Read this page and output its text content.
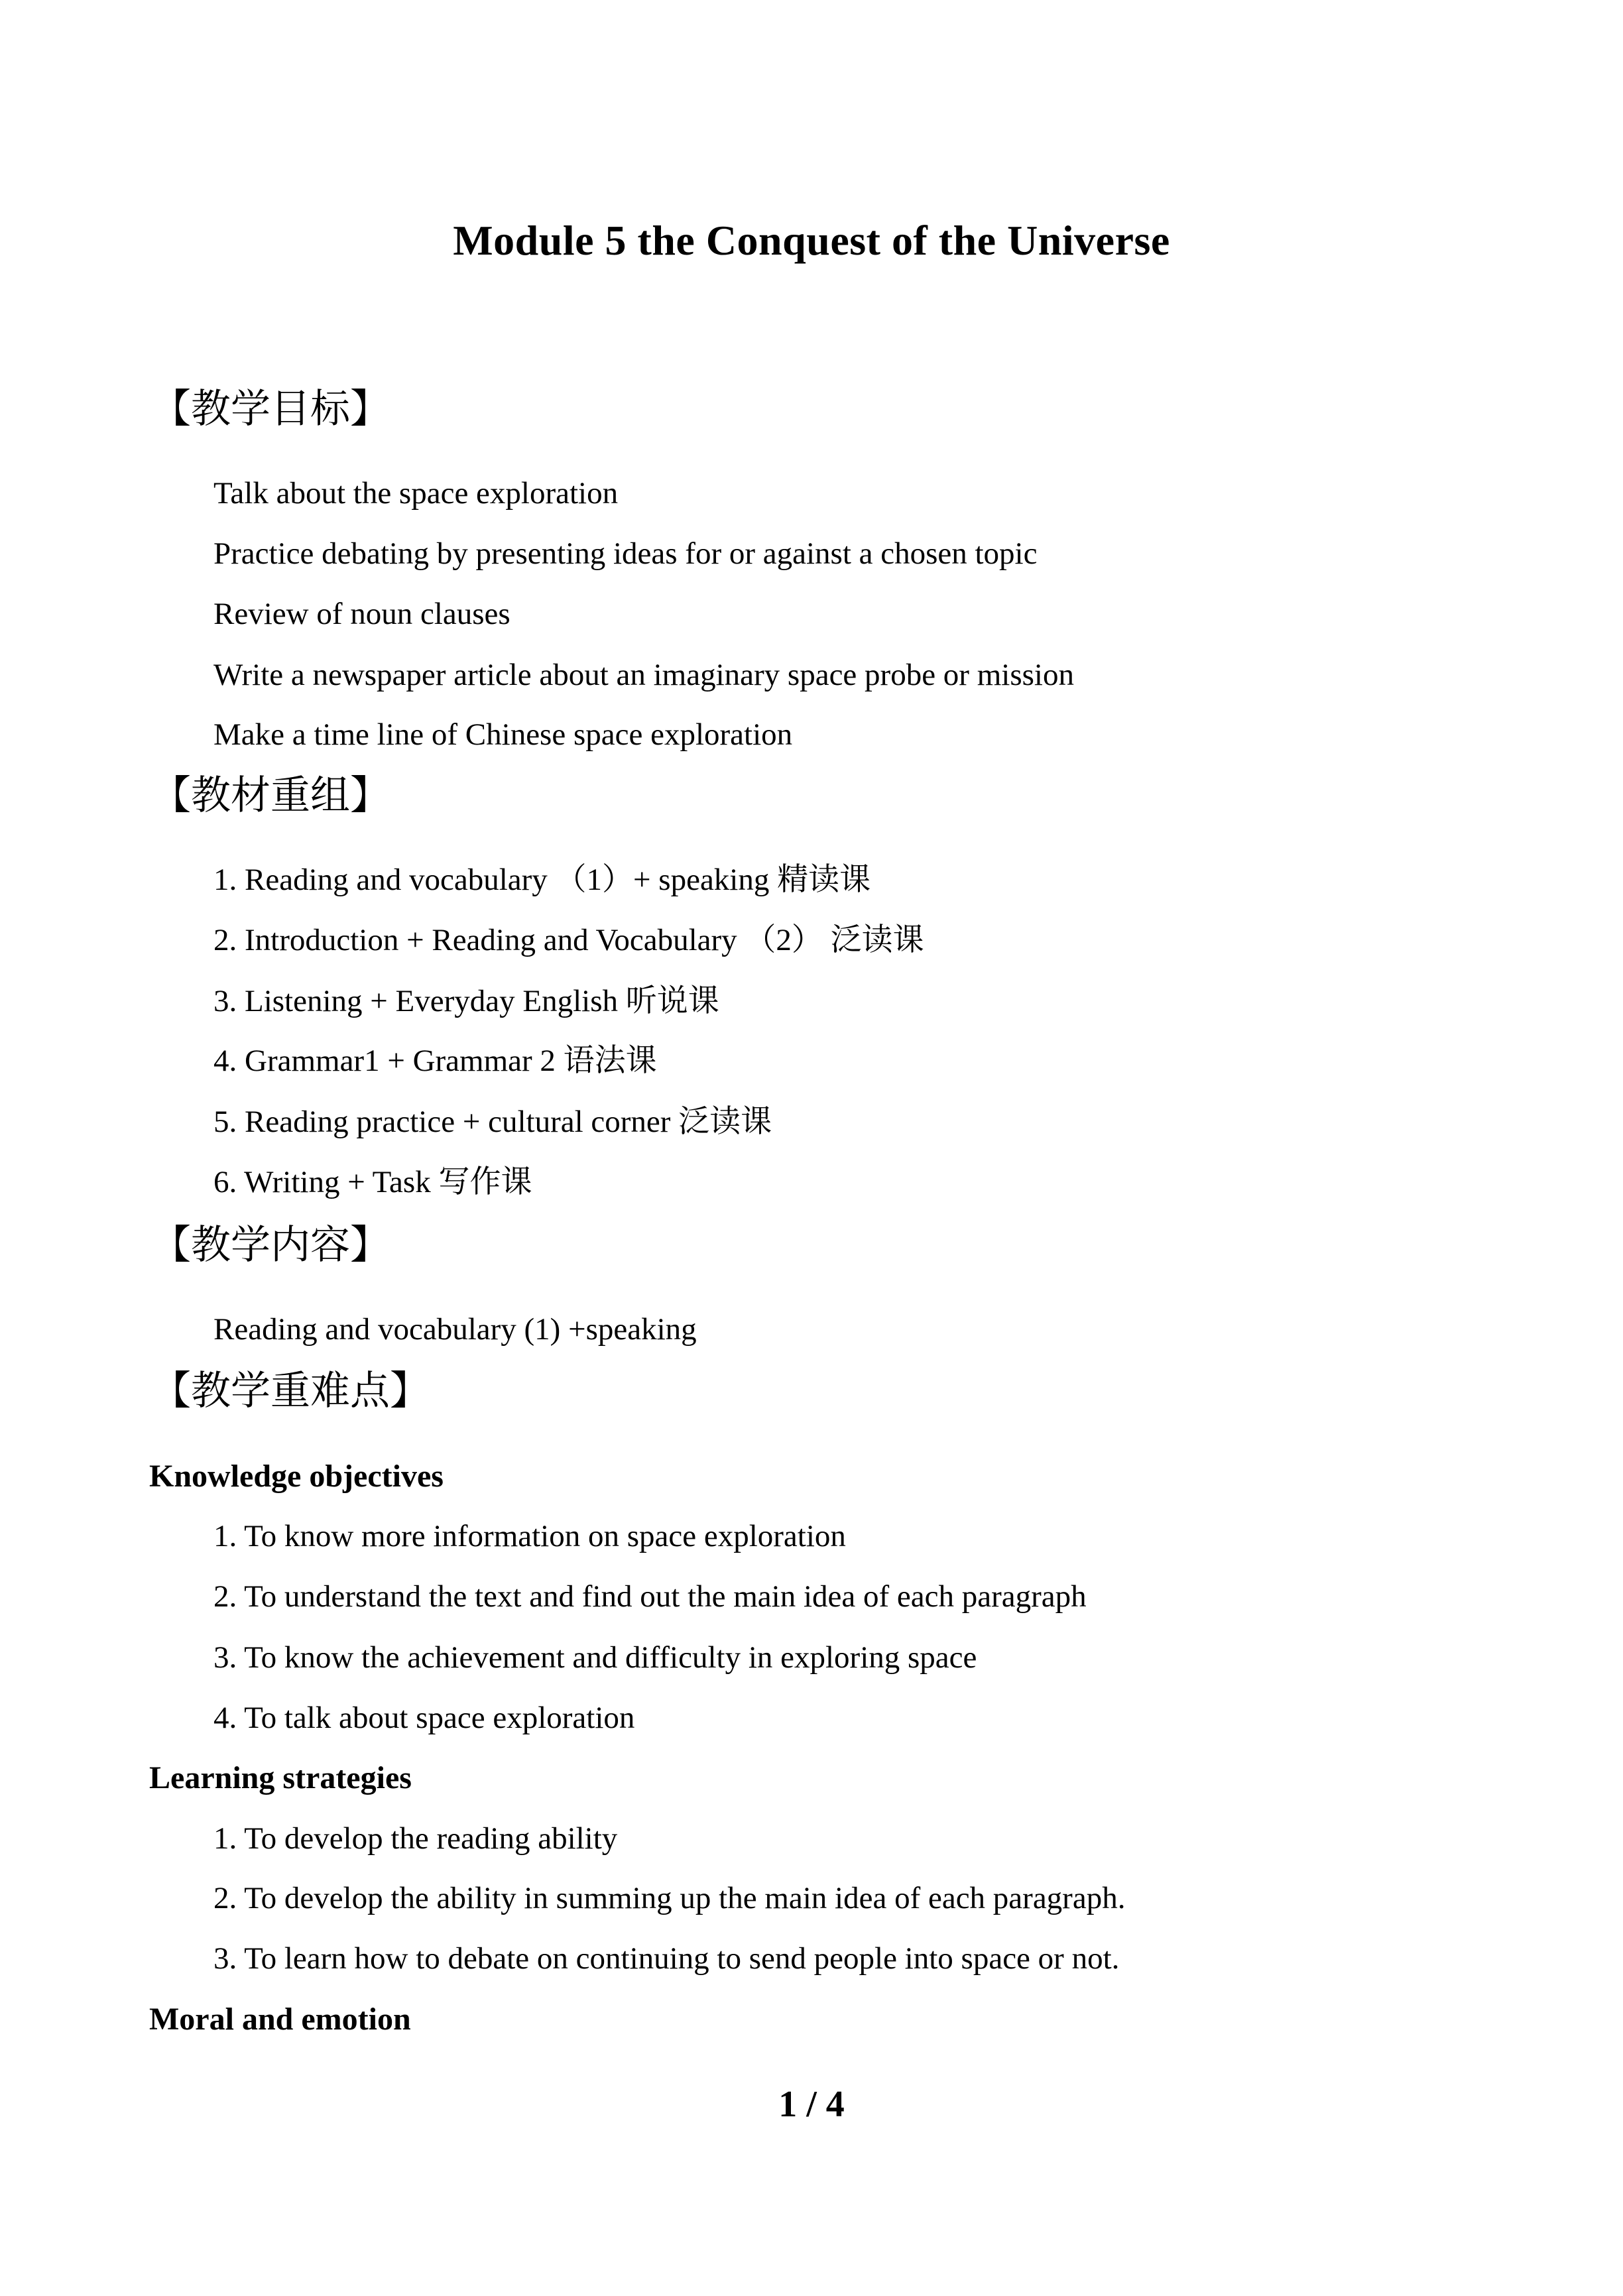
Module 5 the Conquest of the Universe
【教学目标】
Talk about the space exploration
Practice debating by presenting ideas for or against a chosen topic
Review of noun clauses
Write a newspaper article about an imaginary space probe or mission
Make a time line of Chinese space exploration
【教材重组】
1. Reading and vocabulary （1）+ speaking 精读课
2. Introduction + Reading and Vocabulary （2） 泛读课
3. Listening + Everyday English 听说课
4. Grammar1 + Grammar 2 语法课
5. Reading practice + cultural corner 泛读课
6. Writing + Task 写作课
【教学内容】
Reading and vocabulary (1) +speaking
【教学重难点】
Knowledge objectives
1. To know more information on space exploration
2. To understand the text and find out the main idea of each paragraph
3. To know the achievement and difficulty in exploring space
4. To talk about space exploration
Learning strategies
1. To develop the reading ability
2. To develop the ability in summing up the main idea of each paragraph.
3. To learn how to debate on continuing to send people into space or not.
Moral and emotion
1 / 4
